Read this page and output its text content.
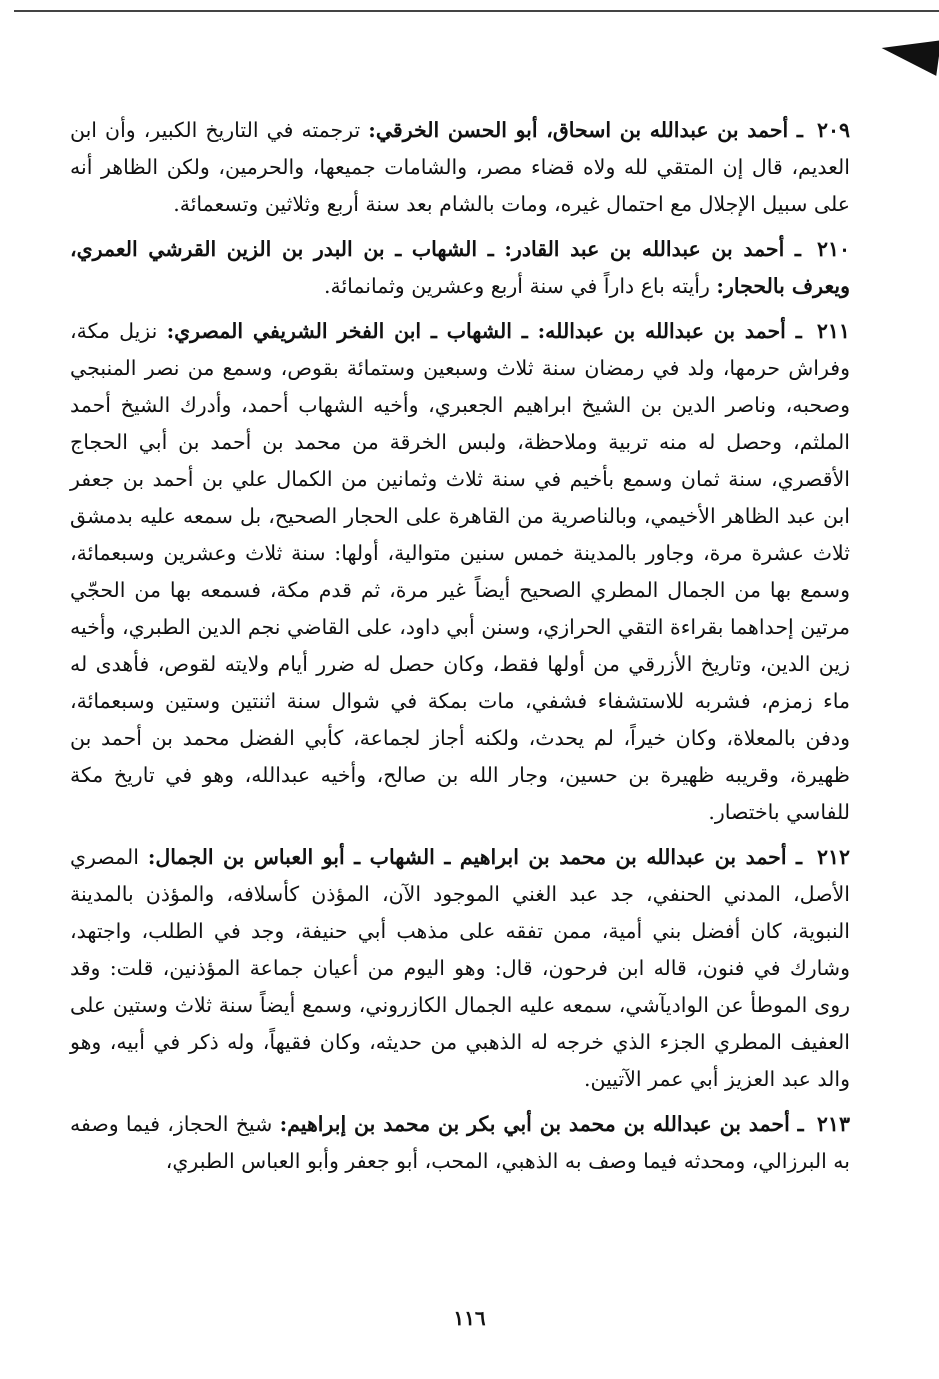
٢٠٩ ـ أحمد بن عبدالله بن اسحاق، أبو الحسن الخرقي: ترجمته في التاريخ الكبير، وأن ابن العديم، قال إن المتقي لله ولاه قضاء مصر، والشامات جميعها، والحرمين، ولكن الظاهر أنه على سبيل الإجلال مع احتمال غيره، ومات بالشام بعد سنة أربع وثلاثين وتسعمائة.

٢١٠ ـ أحمد بن عبدالله بن عبد القادر: ـ الشهاب ـ بن البدر بن الزين القرشي العمري، ويعرف بالحجار: رأيته باع داراً في سنة أربع وعشرين وثمانمائة.

٢١١ ـ أحمد بن عبدالله بن عبدالله: ـ الشهاب ـ ابن الفخر الشريفي المصري: نزيل مكة، وفراش حرمها، ولد في رمضان سنة ثلاث وسبعين وستمائة بقوص، وسمع من نصر المنبجي وصحبه، وناصر الدين بن الشيخ ابراهيم الجعبري، وأخيه الشهاب أحمد، وأدرك الشيخ أحمد الملثم، وحصل له منه تربية وملاحظة، ولبس الخرقة من محمد بن أحمد بن أبي الحجاج الأقصري، سنة ثمان وسمع بأخيم في سنة ثلاث وثمانين من الكمال علي بن أحمد بن جعفر ابن عبد الظاهر الأخيمي، وبالناصرية من القاهرة على الحجار الصحيح، بل سمعه عليه بدمشق ثلاث عشرة مرة، وجاور بالمدينة خمس سنين متوالية، أولها: سنة ثلاث وعشرين وسبعمائة، وسمع بها من الجمال المطري الصحيح أيضاً غير مرة، ثم قدم مكة، فسمعه بها من الحجّي مرتين إحداهما بقراءة التقي الحرازي، وسنن أبي داود، على القاضي نجم الدين الطبري، وأخيه زين الدين، وتاريخ الأزرقي من أولها فقط، وكان حصل له ضرر أيام ولايته لقوص، فأهدى له ماء زمزم، فشربه للاستشفاء فشفي، مات بمكة في شوال سنة اثنتين وستين وسبعمائة، ودفن بالمعلاة، وكان خيراً، لم يحدث، ولكنه أجاز لجماعة، كأبي الفضل محمد بن أحمد بن ظهيرة، وقريبه ظهيرة بن حسين، وجار الله بن صالح، وأخيه عبدالله، وهو في تاريخ مكة للفاسي باختصار.

٢١٢ ـ أحمد بن عبدالله بن محمد بن ابراهيم ـ الشهاب ـ أبو العباس بن الجمال: المصري الأصل، المدني الحنفي، جد عبد الغني الموجود الآن، المؤذن كأسلافه، والمؤذن بالمدينة النبوية، كان أفضل بني أمية، ممن تفقه على مذهب أبي حنيفة، وجد في الطلب، واجتهد، وشارك في فنون، قاله ابن فرحون، قال: وهو اليوم من أعيان جماعة المؤذنين، قلت: وقد روى الموطأ عن الواديآشي، سمعه عليه الجمال الكازروني، وسمع أيضاً سنة ثلاث وستين على العفيف المطري الجزء الذي خرجه له الذهبي من حديثه، وكان فقيهاً، وله ذكر في أبيه، وهو والد عبد العزيز أبي عمر الآتيين.

٢١٣ ـ أحمد بن عبدالله بن محمد بن أبي بكر بن محمد بن إبراهيم: شيخ الحجاز، فيما وصفه به البرزالي، ومحدثه فيما وصف به الذهبي، المحب، أبو جعفر وأبو العباس الطبري،

١١٦
